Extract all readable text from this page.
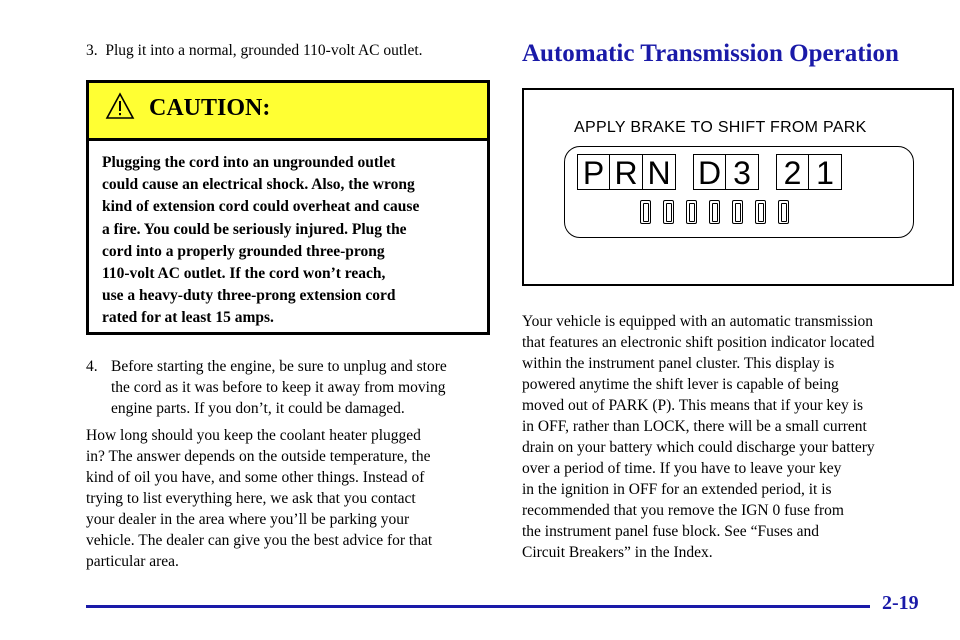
3.  Plug it into a normal, grounded 110‑volt AC outlet.
CAUTION:
Plugging the cord into an ungrounded outlet
could cause an electrical shock. Also, the wrong
kind of extension cord could overheat and cause
a fire. You could be seriously injured. Plug the
cord into a properly grounded three‑prong
110‑volt AC outlet. If the cord won’t reach,
use a heavy‑duty three‑prong extension cord
rated for at least 15 amps.
4. Before starting the engine, be sure to unplug and store
the cord as it was before to keep it away from moving
engine parts. If you don’t, it could be damaged.
How long should you keep the coolant heater plugged
in? The answer depends on the outside temperature, the
kind of oil you have, and some other things. Instead of
trying to list everything here, we ask that you contact
your dealer in the area where you’ll be parking your
vehicle. The dealer can give you the best advice for that
particular area.
Automatic Transmission Operation
APPLY BRAKE TO SHIFT FROM PARK
P R N D 3 2 1
Your vehicle is equipped with an automatic transmission
that features an electronic shift position indicator located
within the instrument panel cluster. This display is
powered anytime the shift lever is capable of being
moved out of PARK (P). This means that if your key is
in OFF, rather than LOCK, there will be a small current
drain on your battery which could discharge your battery
over a period of time. If you have to leave your key
in the ignition in OFF for an extended period, it is
recommended that you remove the IGN 0 fuse from
the instrument panel fuse block. See “Fuses and
Circuit Breakers” in the Index.
2‑19
